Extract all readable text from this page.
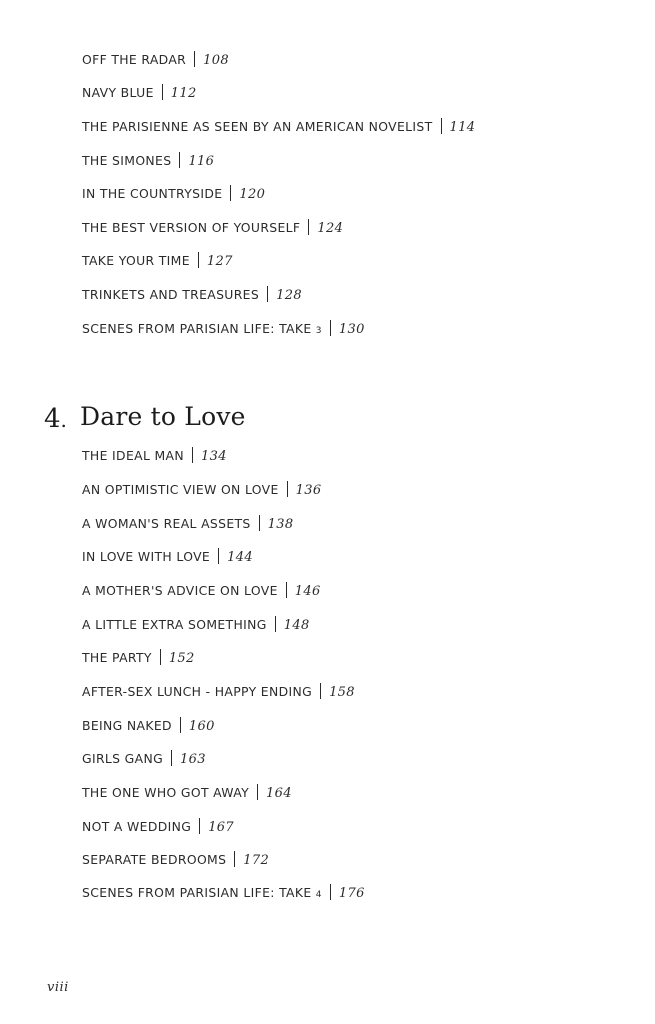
OFF THE RADAR 108
NAVY BLUE 112
THE PARISIENNE AS SEEN BY AN AMERICAN NOVELIST 114
THE SIMONES 116
IN THE COUNTRYSIDE 120
THE BEST VERSION OF YOURSELF 124
TAKE YOUR TIME 127
TRINKETS AND TREASURES 128
SCENES FROM PARISIAN LIFE: TAKE 3 130
4. Dare to Love
THE IDEAL MAN 134
AN OPTIMISTIC VIEW ON LOVE 136
A WOMAN'S REAL ASSETS 138
IN LOVE WITH LOVE 144
A MOTHER'S ADVICE ON LOVE 146
A LITTLE EXTRA SOMETHING 148
THE PARTY 152
AFTER-SEX LUNCH - HAPPY ENDING 158
BEING NAKED 160
GIRLS GANG 163
THE ONE WHO GOT AWAY 164
NOT A WEDDING 167
SEPARATE BEDROOMS 172
SCENES FROM PARISIAN LIFE: TAKE 4 176
viii
